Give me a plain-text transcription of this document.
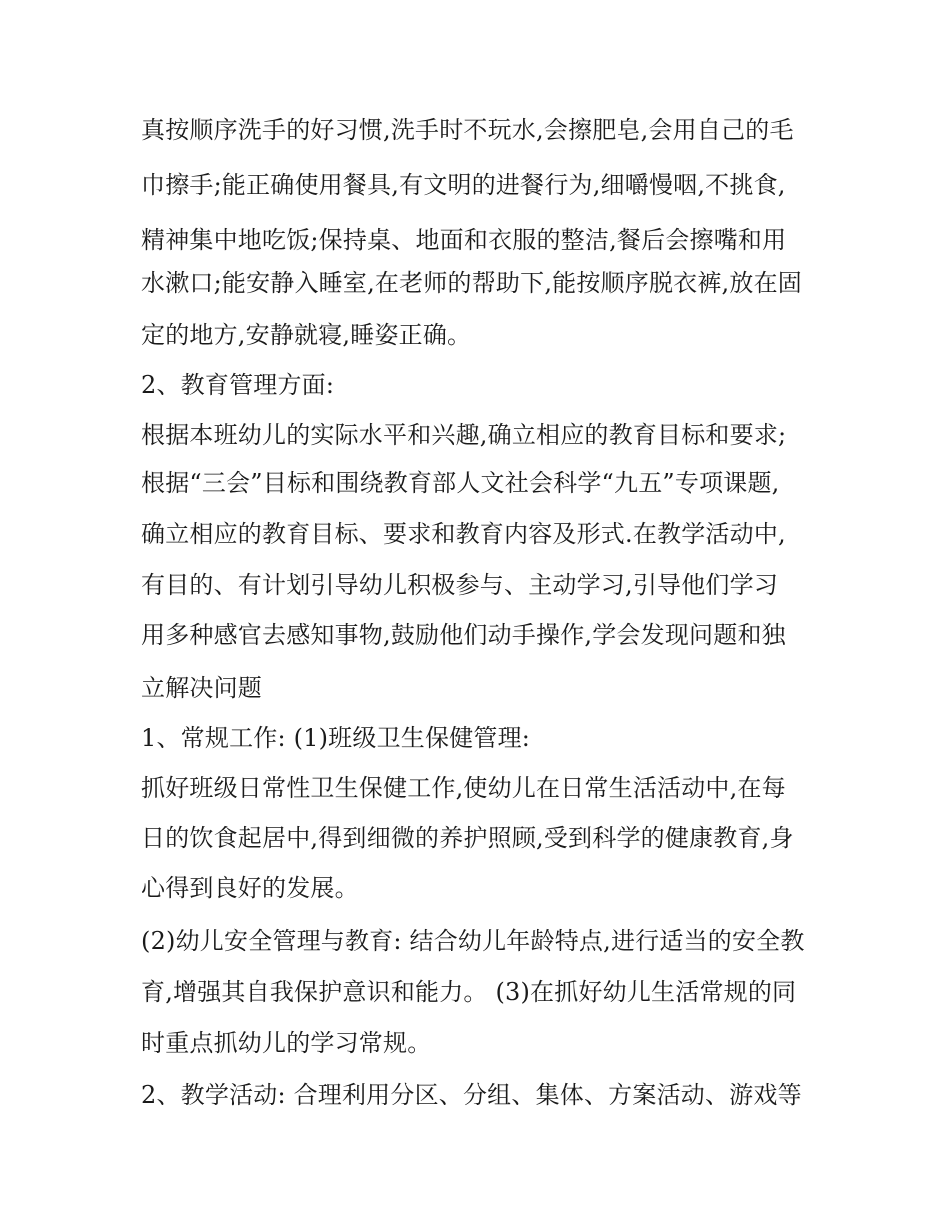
真按顺序洗手的好习惯,洗手时不玩水,会擦肥皂,会用自己的毛
巾擦手;能正确使用餐具,有文明的进餐行为,细嚼慢咽,不挑食,
精神集中地吃饭;保持桌、地面和衣服的整洁,餐后会擦嘴和用
水漱口;能安静入睡室,在老师的帮助下,能按顺序脱衣裤,放在固
定的地方,安静就寝,睡姿正确。
2、教育管理方面:
根据本班幼儿的实际水平和兴趣,确立相应的教育目标和要求;
根据“三会”目标和围绕教育部人文社会科学“九五”专项课题,
确立相应的教育目标、要求和教育内容及形式.在教学活动中,
有目的、有计划引导幼儿积极参与、主动学习,引导他们学习
用多种感官去感知事物,鼓励他们动手操作,学会发现问题和独
立解决问题
1、常规工作: (1)班级卫生保健管理:
抓好班级日常性卫生保健工作,使幼儿在日常生活活动中,在每
日的饮食起居中,得到细微的养护照顾,受到科学的健康教育,身
心得到良好的发展。
(2)幼儿安全管理与教育: 结合幼儿年龄特点,进行适当的安全教
育,增强其自我保护意识和能力。 (3)在抓好幼儿生活常规的同
时重点抓幼儿的学习常规。
2、教学活动: 合理利用分区、分组、集体、方案活动、游戏等
